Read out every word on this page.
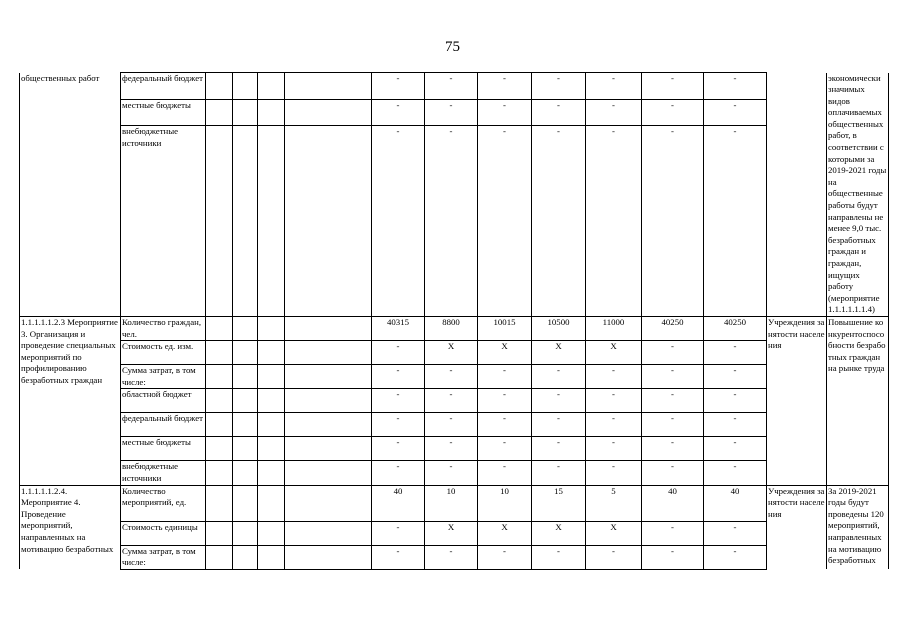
75
общественных работ	федеральный бюджет					-	-	-	-	-	-	-		экономически значимых видов оплачиваемых общественных работ, в соответствии с которыми за 2019-2021 годы на общественные работы будут направлены не менее 9,0 тыс. безработных граждан и граждан, ищущих работу (мероприятие 1.1.1.1.1.1.4)
	местные бюджеты					-	-	-	-	-	-	-		
	внебюджетные источники					-	-	-	-	-	-	-		
1.1.1.1.1.2.3 Мероприятие 3. Организация и проведение специальных мероприятий по профилированию безработных граждан	Количество граждан, чел.					40315	8800	10015	10500	11000	40250	40250	Учреждения занятости населения	Повышение конкурентоспособности безработных граждан на рынке труда
	Стоимость ед. изм.					-	Х	Х	Х	Х	-	-		
	Сумма затрат, в том числе:					-	-	-	-	-	-	-		
	областной бюджет					-	-	-	-	-	-	-		
	федеральный бюджет					-	-	-	-	-	-	-		
	местные бюджеты					-	-	-	-	-	-	-		
	внебюджетные источники					-	-	-	-	-	-	-		
1.1.1.1.1.2.4. Мероприятие 4. Проведение мероприятий, направленных на мотивацию безработных	Количество мероприятий, ед.					40	10	10	15	5	40	40	Учреждения занятости населения	За 2019-2021 годы будут проведены 120 мероприятий, направленных на мотивацию безработных
	Стоимость единицы					-	Х	Х	Х	Х	-	-		
	Сумма затрат, в том числе:					-	-	-	-	-	-	-		
